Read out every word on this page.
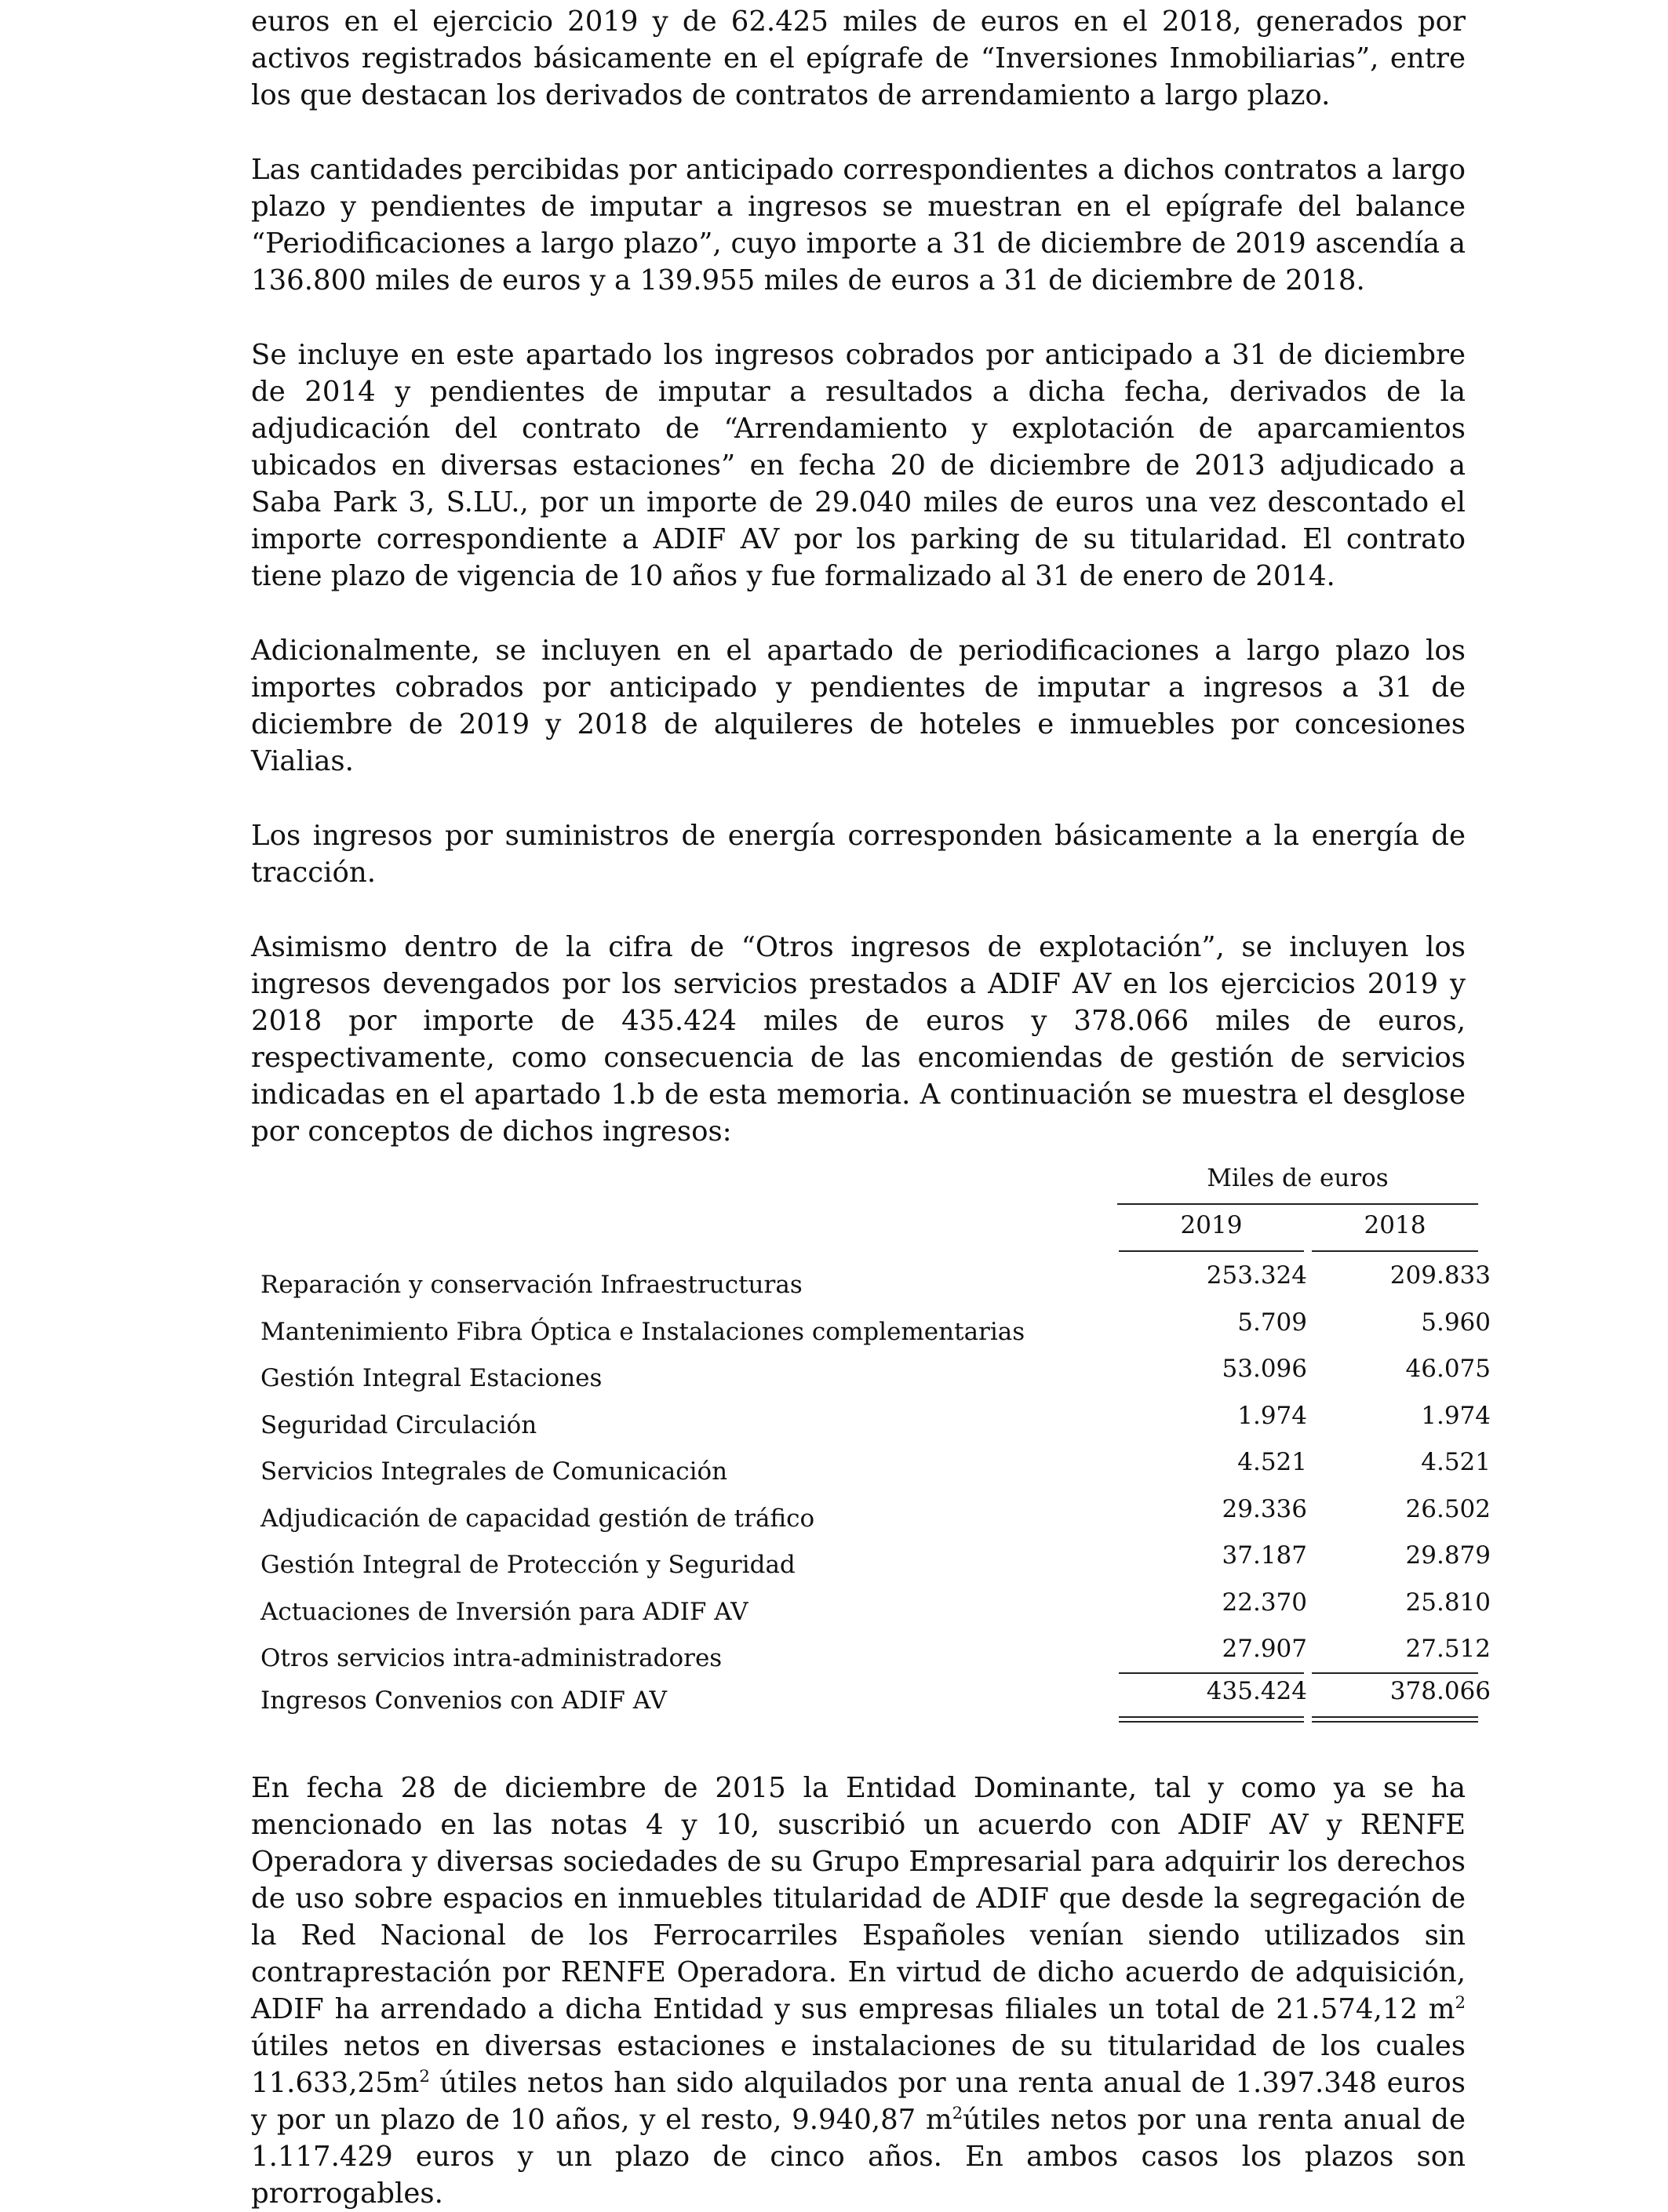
euros en el ejercicio 2019 y de 62.425 miles de euros en el 2018, generados por activos registrados básicamente en el epígrafe de “Inversiones Inmobiliarias”, entre los que destacan los derivados de contratos de arrendamiento a largo plazo.

Las cantidades percibidas por anticipado correspondientes a dichos contratos a largo plazo y pendientes de imputar a ingresos se muestran en el epígrafe del balance “Periodificaciones a largo plazo”, cuyo importe a 31 de diciembre de 2019 ascendía a 136.800 miles de euros y a 139.955 miles de euros a 31 de diciembre de 2018.

Se incluye en este apartado los ingresos cobrados por anticipado a 31 de diciembre de 2014 y pendientes de imputar a resultados a dicha fecha, derivados de la adjudicación del contrato de “Arrendamiento y explotación de aparcamientos ubicados en diversas estaciones” en fecha 20 de diciembre de 2013 adjudicado a Saba Park 3, S.LU., por un importe de 29.040 miles de euros una vez descontado el importe correspondiente a ADIF AV por los parking de su titularidad. El contrato tiene plazo de vigencia de 10 años y fue formalizado al 31 de enero de 2014.

Adicionalmente, se incluyen en el apartado de periodificaciones a largo plazo los importes cobrados por anticipado y pendientes de imputar a ingresos a 31 de diciembre de 2019 y 2018 de alquileres de hoteles e inmuebles por concesiones Vialias.

Los ingresos por suministros de energía corresponden básicamente a la energía de tracción.

Asimismo dentro de la cifra de “Otros ingresos de explotación”, se incluyen los ingresos devengados por los servicios prestados a ADIF AV en los ejercicios 2019 y 2018 por importe de 435.424 miles de euros y 378.066 miles de euros, respectivamente, como consecuencia de las encomiendas de gestión de servicios indicadas en el apartado 1.b de esta memoria. A continuación se muestra el desglose por conceptos de dichos ingresos:

Miles de euros
2019	2018
Reparación y conservación Infraestructuras	253.324	209.833
Mantenimiento Fibra Óptica e Instalaciones complementarias	5.709	5.960
Gestión Integral Estaciones	53.096	46.075
Seguridad Circulación	1.974	1.974
Servicios Integrales de Comunicación	4.521	4.521
Adjudicación de capacidad gestión de tráfico	29.336	26.502
Gestión Integral de Protección y Seguridad	37.187	29.879
Actuaciones de Inversión para ADIF AV	22.370	25.810
Otros servicios intra-administradores	27.907	27.512
Ingresos Convenios con ADIF AV	435.424	378.066

En fecha 28 de diciembre de 2015 la Entidad Dominante, tal y como ya se ha mencionado en las notas 4 y 10, suscribió un acuerdo con ADIF AV y RENFE Operadora y diversas sociedades de su Grupo Empresarial para adquirir los derechos de uso sobre espacios en inmuebles titularidad de ADIF que desde la segregación de la Red Nacional de los Ferrocarriles Españoles venían siendo utilizados sin contraprestación por RENFE Operadora. En virtud de dicho acuerdo de adquisición, ADIF ha arrendado a dicha Entidad y sus empresas filiales un total de 21.574,12 $m^2$ útiles netos en diversas estaciones e instalaciones de su titularidad de los cuales $11.633,25m^2$ útiles netos han sido alquilados por una renta anual de 1.397.348 euros y por un plazo de 10 años, y el resto, 9.940,87 $m^2útiles$ netos por una renta anual de 1.117.429 euros y un plazo de cinco años. En ambos casos los plazos son prorrogables.
